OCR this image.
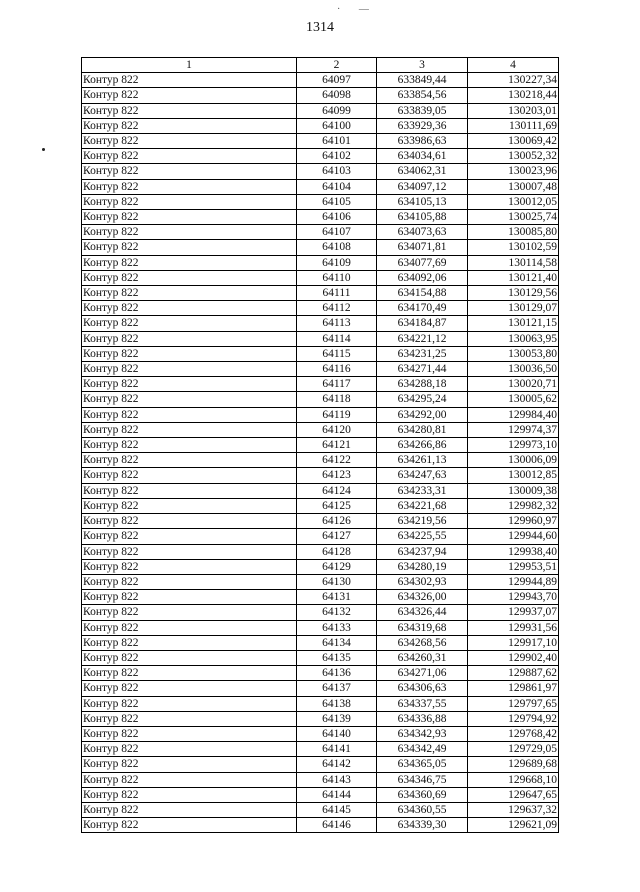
· —
1314
1	2	3	4
Контур 822	64097	633849,44	130227,34
Контур 822	64098	633854,56	130218,44
Контур 822	64099	633839,05	130203,01
Контур 822	64100	633929,36	130111,69
Контур 822	64101	633986,63	130069,42
Контур 822	64102	634034,61	130052,32
Контур 822	64103	634062,31	130023,96
Контур 822	64104	634097,12	130007,48
Контур 822	64105	634105,13	130012,05
Контур 822	64106	634105,88	130025,74
Контур 822	64107	634073,63	130085,80
Контур 822	64108	634071,81	130102,59
Контур 822	64109	634077,69	130114,58
Контур 822	64110	634092,06	130121,40
Контур 822	64111	634154,88	130129,56
Контур 822	64112	634170,49	130129,07
Контур 822	64113	634184,87	130121,15
Контур 822	64114	634221,12	130063,95
Контур 822	64115	634231,25	130053,80
Контур 822	64116	634271,44	130036,50
Контур 822	64117	634288,18	130020,71
Контур 822	64118	634295,24	130005,62
Контур 822	64119	634292,00	129984,40
Контур 822	64120	634280,81	129974,37
Контур 822	64121	634266,86	129973,10
Контур 822	64122	634261,13	130006,09
Контур 822	64123	634247,63	130012,85
Контур 822	64124	634233,31	130009,38
Контур 822	64125	634221,68	129982,32
Контур 822	64126	634219,56	129960,97
Контур 822	64127	634225,55	129944,60
Контур 822	64128	634237,94	129938,40
Контур 822	64129	634280,19	129953,51
Контур 822	64130	634302,93	129944,89
Контур 822	64131	634326,00	129943,70
Контур 822	64132	634326,44	129937,07
Контур 822	64133	634319,68	129931,56
Контур 822	64134	634268,56	129917,10
Контур 822	64135	634260,31	129902,40
Контур 822	64136	634271,06	129887,62
Контур 822	64137	634306,63	129861,97
Контур 822	64138	634337,55	129797,65
Контур 822	64139	634336,88	129794,92
Контур 822	64140	634342,93	129768,42
Контур 822	64141	634342,49	129729,05
Контур 822	64142	634365,05	129689,68
Контур 822	64143	634346,75	129668,10
Контур 822	64144	634360,69	129647,65
Контур 822	64145	634360,55	129637,32
Контур 822	64146	634339,30	129621,09
